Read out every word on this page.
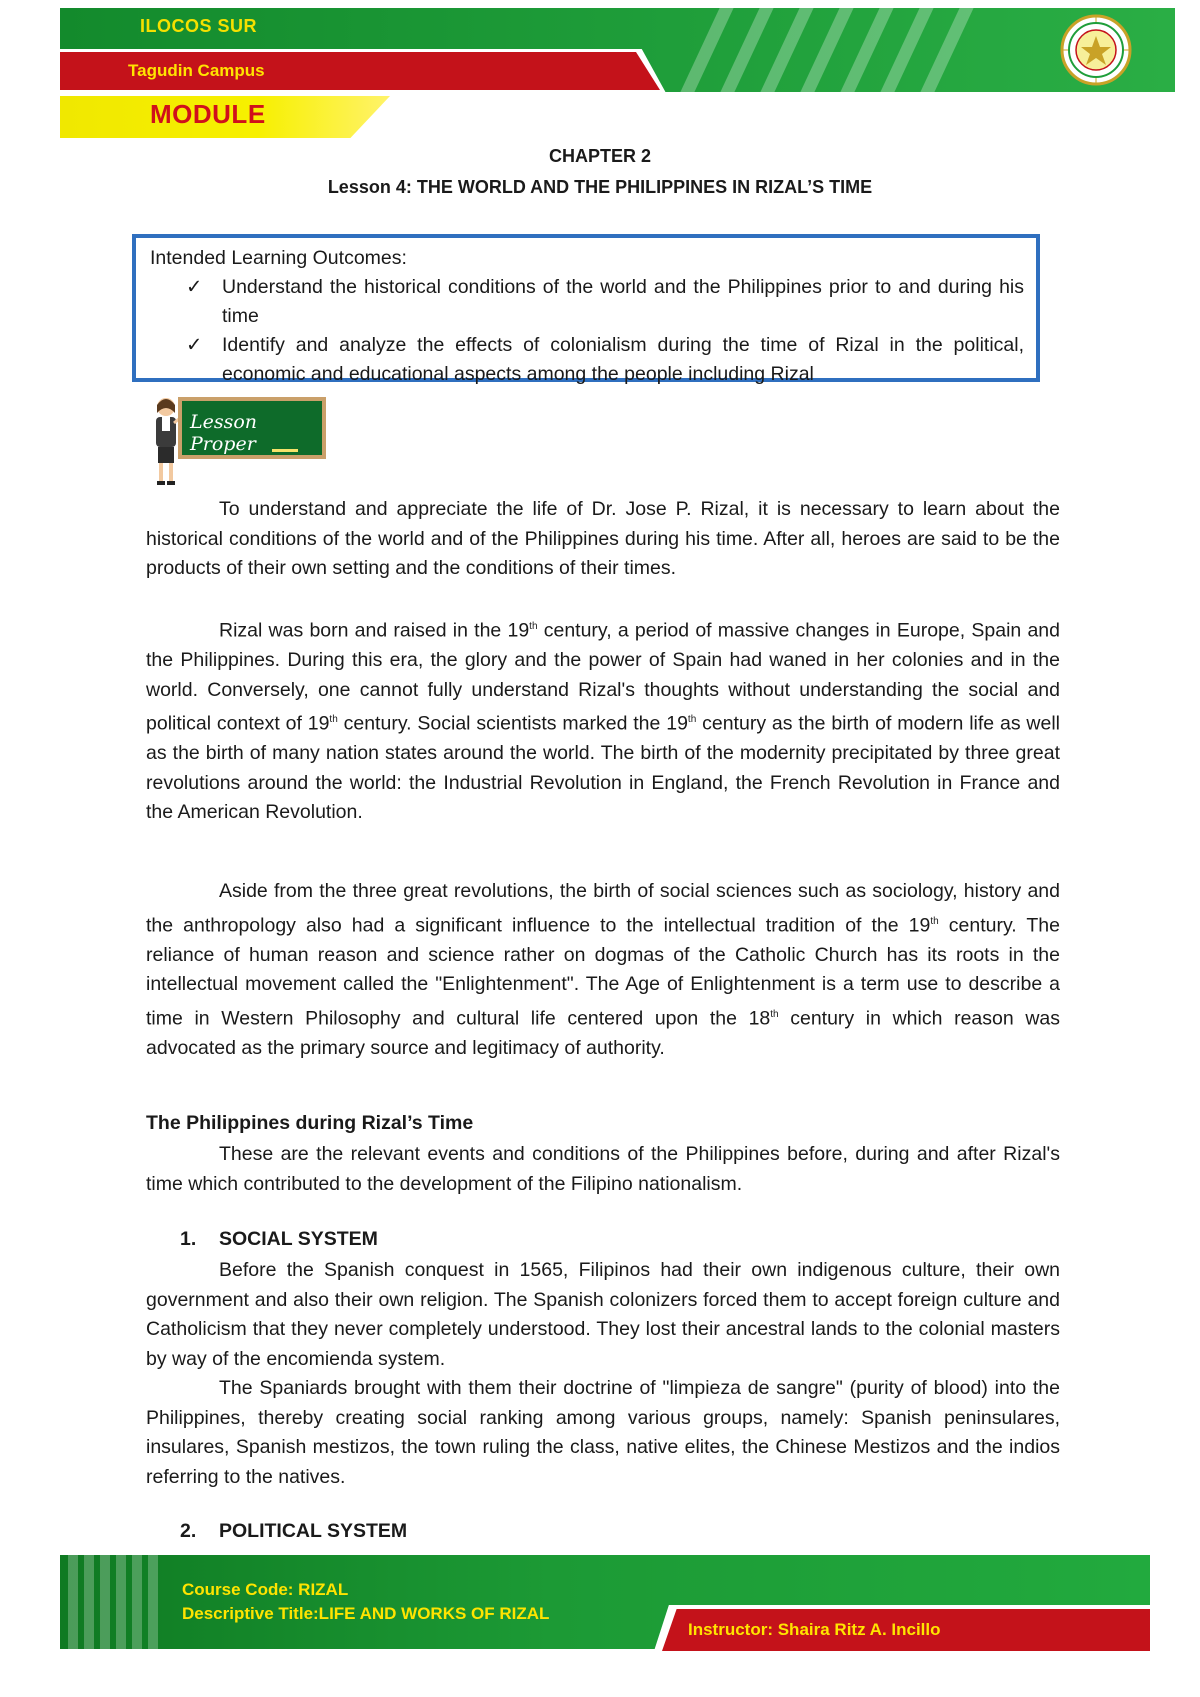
ILOCOS SUR
Tagudin Campus
MODULE
CHAPTER 2
Lesson 4: THE WORLD AND THE PHILIPPINES IN RIZAL’S TIME
Intended Learning Outcomes:
✓ Understand the historical conditions of the world and the Philippines prior to and during his time
✓ Identify and analyze the effects of colonialism during the time of Rizal in the political, economic and educational aspects among the people including Rizal
Lesson Proper

To understand and appreciate the life of Dr. Jose P. Rizal, it is necessary to learn about the historical conditions of the world and of the Philippines during his time. After all, heroes are said to be the products of their own setting and the conditions of their times.

Rizal was born and raised in the 19th century, a period of massive changes in Europe, Spain and the Philippines. During this era, the glory and the power of Spain had waned in her colonies and in the world. Conversely, one cannot fully understand Rizal's thoughts without understanding the social and political context of 19th century. Social scientists marked the 19th century as the birth of modern life as well as the birth of many nation states around the world. The birth of the modernity precipitated by three great revolutions around the world: the Industrial Revolution in England, the French Revolution in France and the American Revolution.

Aside from the three great revolutions, the birth of social sciences such as sociology, history and the anthropology also had a significant influence to the intellectual tradition of the 19th century. The reliance of human reason and science rather on dogmas of the Catholic Church has its roots in the intellectual movement called the "Enlightenment". The Age of Enlightenment is a term use to describe a time in Western Philosophy and cultural life centered upon the 18th century in which reason was advocated as the primary source and legitimacy of authority.

The Philippines during Rizal’s Time

These are the relevant events and conditions of the Philippines before, during and after Rizal's time which contributed to the development of the Filipino nationalism.

1. SOCIAL SYSTEM

Before the Spanish conquest in 1565, Filipinos had their own indigenous culture, their own government and also their own religion. The Spanish colonizers forced them to accept foreign culture and Catholicism that they never completely understood. They lost their ancestral lands to the colonial masters by way of the encomienda system.

The Spaniards brought with them their doctrine of "limpieza de sangre" (purity of blood) into the Philippines, thereby creating social ranking among various groups, namely: Spanish peninsulares, insulares, Spanish mestizos, the town ruling the class, native elites, the Chinese Mestizos and the indios referring to the natives.

2. POLITICAL SYSTEM
Course Code: RIZAL
Descriptive Title:LIFE AND WORKS OF RIZAL
Instructor: Shaira Ritz A. Incillo
